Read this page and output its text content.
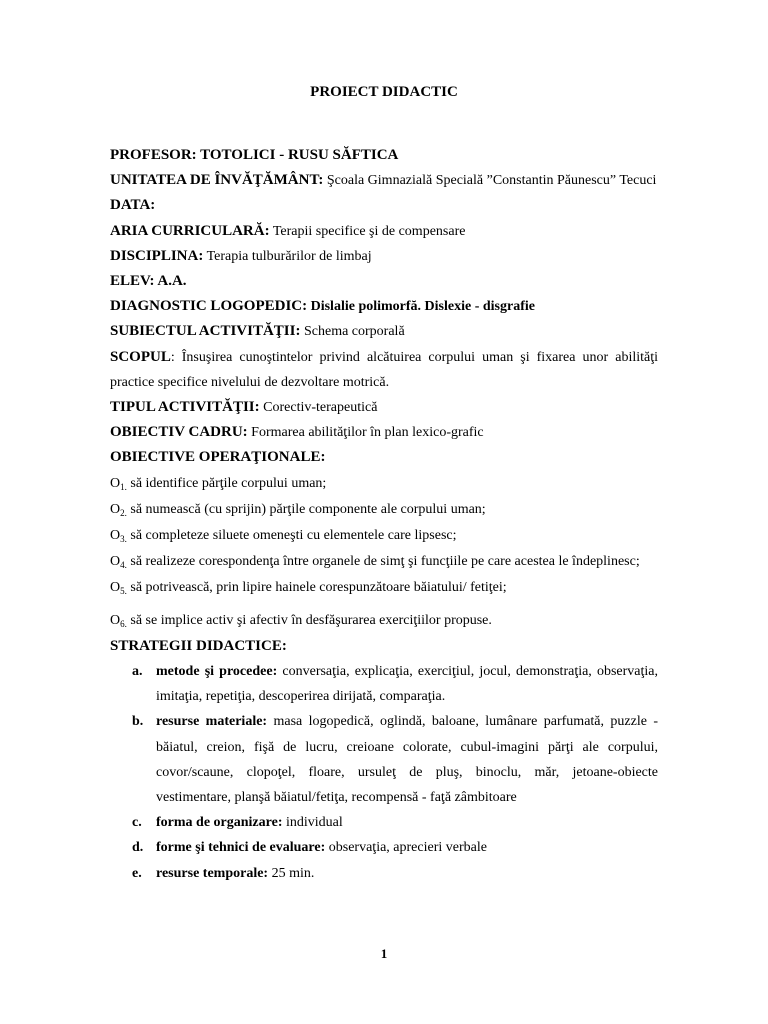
PROIECT DIDACTIC

PROFESOR: TOTOLICI - RUSU SĂFTICA

UNITATEA DE ÎNVĂŢĂMÂNT: Şcoala Gimnazială Specială ”Constantin Păunescu” Tecuci

DATA:

ARIA CURRICULARĂ: Terapii specifice şi de compensare

DISCIPLINA: Terapia tulburărilor de limbaj

ELEV: A.A.

DIAGNOSTIC LOGOPEDIC: Dislalie polimorfă. Dislexie - disgrafie

SUBIECTUL ACTIVITĂŢII: Schema corporală

SCOPUL: Însuşirea cunoştintelor privind alcătuirea corpului uman şi fixarea unor abilităţi practice specifice nivelului de dezvoltare motrică.

TIPUL ACTIVITĂŢII: Corectiv-terapeutică

OBIECTIV CADRU: Formarea abilităţilor în plan lexico-grafic

OBIECTIVE OPERAŢIONALE:

$O_{1.}$ să identifice părţile corpului uman;

$O_{2.}$ să numească (cu sprijin) părţile componente ale corpului uman;

$O_{3.}$ să completeze siluete omeneşti cu elementele care lipsesc;

$O_{4.}$ să realizeze corespondenţa între organele de simţ şi funcţiile pe care acestea le îndeplinesc;

$O_{5.}$ să potrivească, prin lipire hainele corespunzătoare băiatului/ fetiţei;

$O_{6.}$ să se implice activ şi afectiv în desfăşurarea exerciţiilor propuse.

STRATEGII DIDACTICE:

a. metode şi procedee: conversaţia, explicaţia, exerciţiul, jocul, demonstraţia, observaţia, imitaţia, repetiţia, descoperirea dirijată, comparaţia.
b. resurse materiale: masa logopedică, oglindă, baloane, lumânare parfumată, puzzle - băiatul, creion, fişă de lucru, creioane colorate, cubul-imagini părţi ale corpului, covor/scaune, clopoţel, floare, ursuleţ de pluş, binoclu, măr, jetoane-obiecte vestimentare, planşă băiatul/fetiţa, recompensă - faţă zâmbitoare
c. forma de organizare: individual
d. forme şi tehnici de evaluare: observaţia, aprecieri verbale
e. resurse temporale: 25 min.
1
